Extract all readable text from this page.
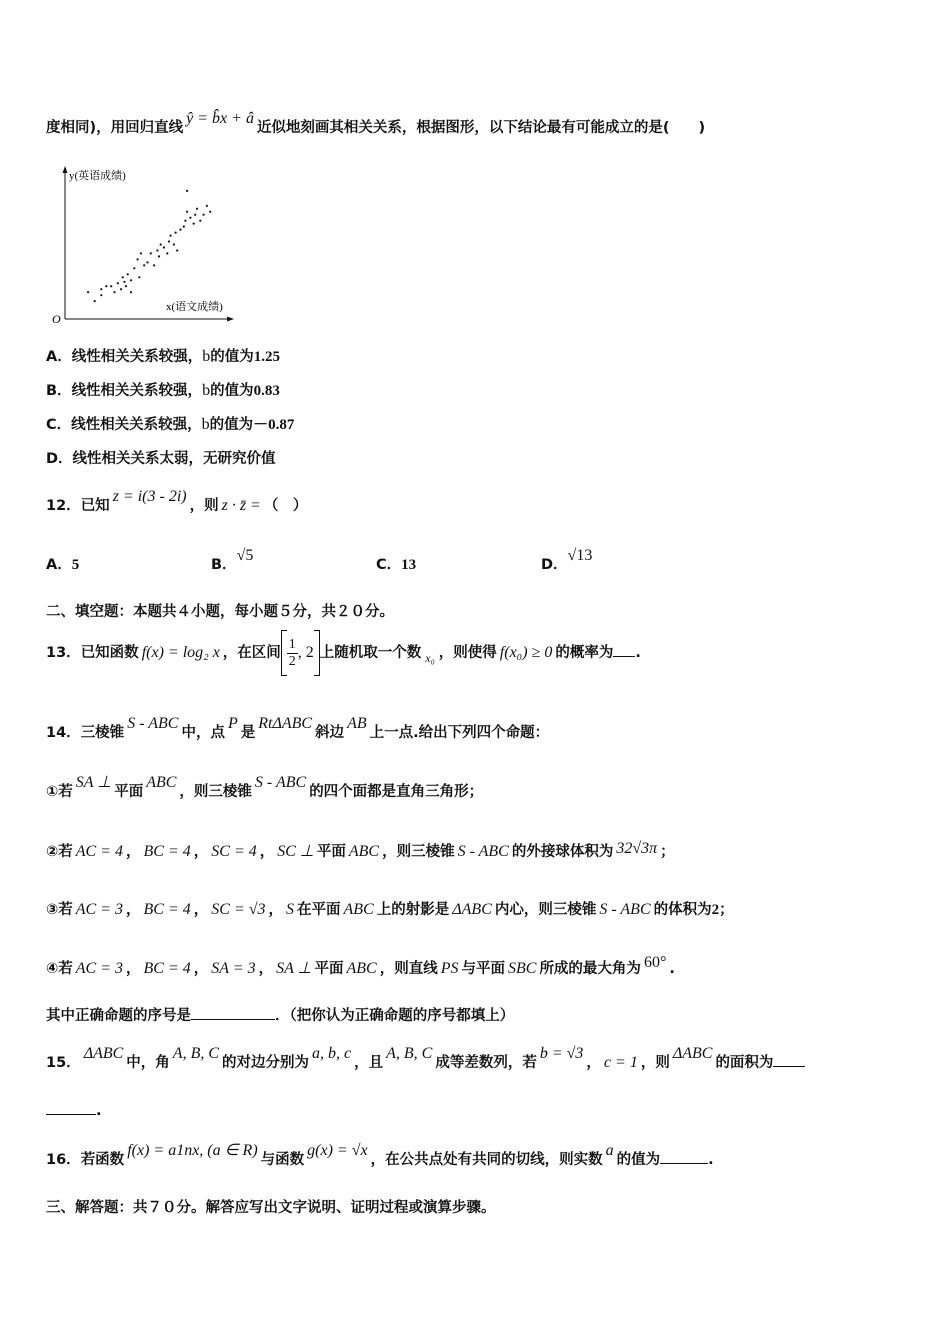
度相同)，用回归直线ŷ = b̂x + â近似地刻画其相关关系，根据图形，以下结论最有可能成立的是(　　)
y(英语成绩)
x(语文成绩)
O
A．线性相关关系较强，b的值为1.25
B．线性相关关系较强，b的值为0.83
C．线性相关关系较强，b的值为－0.87
D．线性相关关系太弱，无研究价值
12．已知z = i(3 - 2i)，则 z · z̄ = （　）
A．5	B．√5
C．13	D．√13
二、填空题：本题共４小题，每小题５分，共２０分。
13．已知函数 f(x) = log₂ x ，在区间 $\frac{1}{2}$ , 2 上随机取一个数 $_{x_0}$ ，则使得 f(x₀) ≥ 0 的概率为 .
14．三棱锥S - ABC中，点P是RtΔABC斜边AB上一点.给出下列四个命题：
①若SA ⊥平面ABC，则三棱锥S - ABC的四个面都是直角三角形；
②若 AC = 4 ， BC = 4 ， SC = 4 ， SC ⊥ 平面 ABC ，则三棱锥 S - ABC 的外接球体积为 32√3π ；
③若 AC = 3 ， BC = 4 ， SC = √3 ， S 在平面 ABC 上的射影是 ΔABC 内心，则三棱锥 S - ABC 的体积为2；
④若 AC = 3 ， BC = 4 ， SA = 3 ， SA ⊥ 平面 ABC ，则直线 PS 与平面 SBC 所成的最大角为 60° .
其中正确命题的序号是	．（把你认为正确命题的序号都填上）
15．ΔABC中，角A, B, C的对边分别为a, b, c，且A, B, C成等差数列，若b = √3， c = 1 ，则ΔABC的面积为
.
16．若函数f(x) = a1nx, (a ∈ R)与函数g(x) = √x，在公共点处有共同的切线，则实数a的值为	.
三、解答题：共７０分。解答应写出文字说明、证明过程或演算步骤。
